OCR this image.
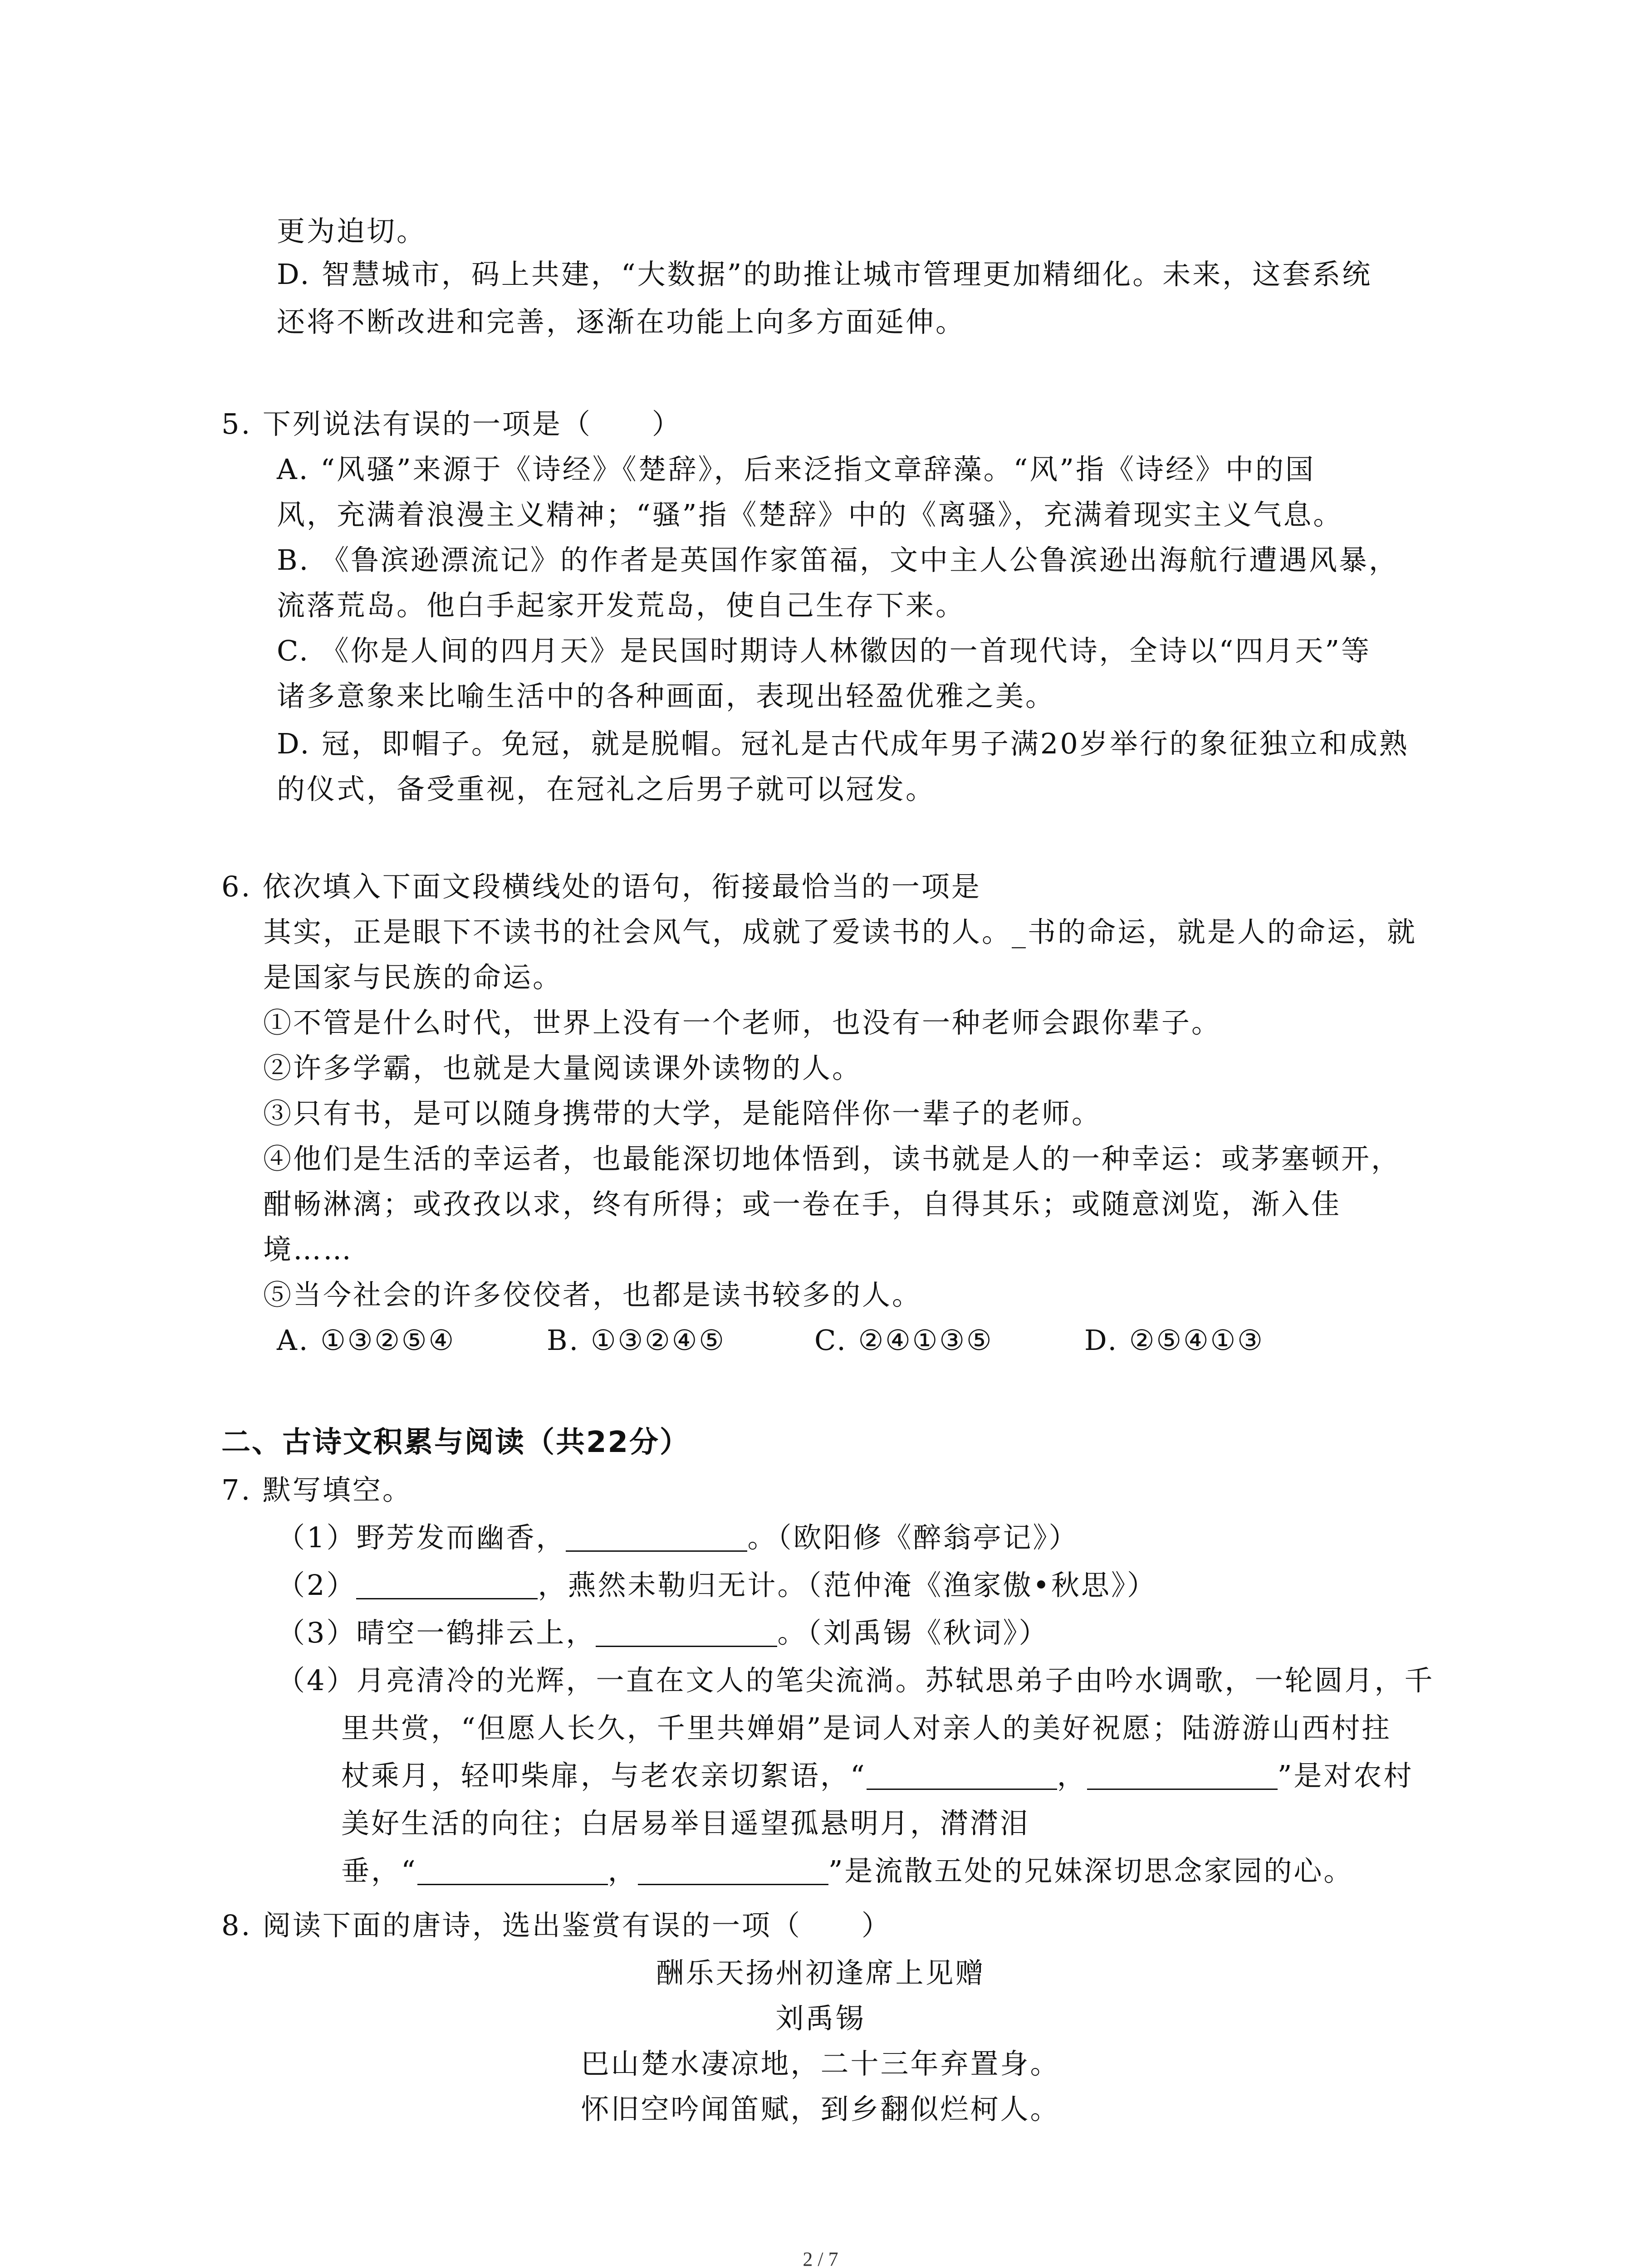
更为迫切。
D. 智慧城市，码上共建，“大数据”的助推让城市管理更加精细化。未来，这套系统
还将不断改进和完善，逐渐在功能上向多方面延伸。
5. 下列说法有误的一项是（　　）
A. “风骚”来源于《诗经》《楚辞》，后来泛指文章辞藻。“风”指《诗经》中的国
风，充满着浪漫主义精神；“骚”指《楚辞》中的《离骚》，充满着现实主义气息。
B. 《鲁滨逊漂流记》的作者是英国作家笛福，文中主人公鲁滨逊出海航行遭遇风暴，
流落荒岛。他白手起家开发荒岛，使自己生存下来。
C. 《你是人间的四月天》是民国时期诗人林徽因的一首现代诗，全诗以“四月天”等
诸多意象来比喻生活中的各种画面，表现出轻盈优雅之美。
D. 冠，即帽子。免冠，就是脱帽。冠礼是古代成年男子满20岁举行的象征独立和成熟
的仪式，备受重视，在冠礼之后男子就可以冠发。
6. 依次填入下面文段横线处的语句，衔接最恰当的一项是
其实，正是眼下不读书的社会风气，成就了爱读书的人。_书的命运，就是人的命运，就
是国家与民族的命运。
①不管是什么时代，世界上没有一个老师，也没有一种老师会跟你辈子。
②许多学霸，也就是大量阅读课外读物的人。
③只有书，是可以随身携带的大学，是能陪伴你一辈子的老师。
④他们是生活的幸运者，也最能深切地体悟到，读书就是人的一种幸运：或茅塞顿开，
酣畅淋漓；或孜孜以求，终有所得；或一卷在手，自得其乐；或随意浏览，渐入佳
境……
⑤当今社会的许多佼佼者，也都是读书较多的人。
A. ①③②⑤④	B. ①③②④⑤	C. ②④①③⑤	D. ②⑤④①③
二、古诗文积累与阅读（共22分）
7. 默写填空。
（1）野芳发而幽香，	。（欧阳修《醉翁亭记》）
（2）	，燕然未勒归无计。（范仲淹《渔家傲•秋思》）
（3）晴空一鹤排云上，	。（刘禹锡《秋词》）
（4）月亮清冷的光辉，一直在文人的笔尖流淌。苏轼思弟子由吟水调歌，一轮圆月，千
里共赏，“但愿人长久，千里共婵娟”是词人对亲人的美好祝愿；陆游游山西村拄
杖乘月，轻叩柴扉，与老农亲切絮语，“	，	”是对农村
美好生活的向往；白居易举目遥望孤悬明月，潸潸泪
垂，“	，	”是流散五处的兄妹深切思念家园的心。
8. 阅读下面的唐诗，选出鉴赏有误的一项（　　）
酬乐天扬州初逢席上见赠
刘禹锡
巴山楚水凄凉地，二十三年弃置身。
怀旧空吟闻笛赋，到乡翻似烂柯人。
2 / 7
